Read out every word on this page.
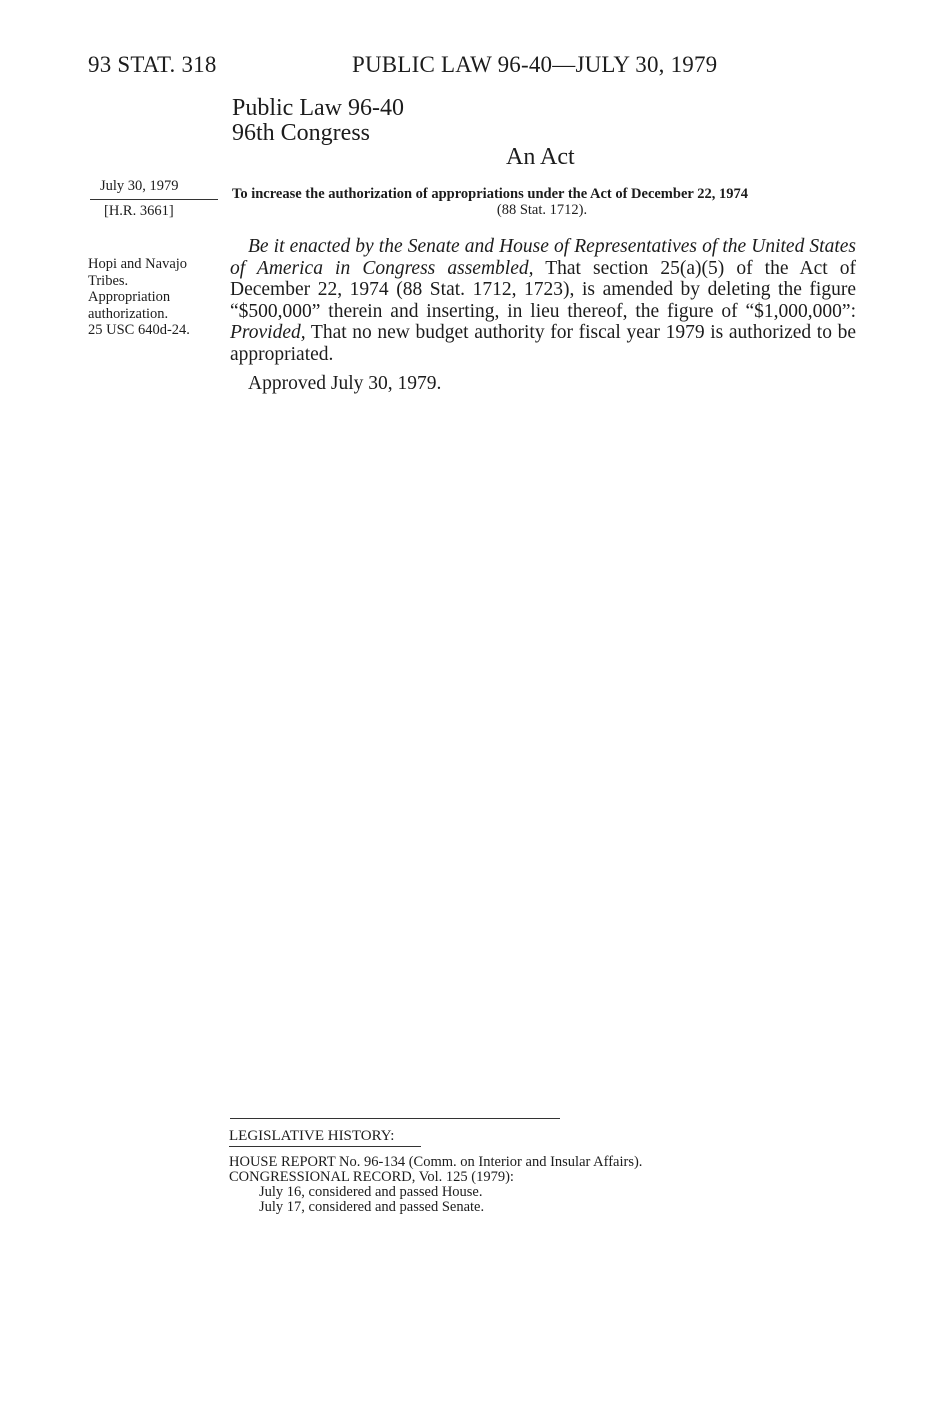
93 STAT. 318	PUBLIC LAW 96-40—JULY 30, 1979
Public Law 96-40
96th Congress
An Act
July 30, 1979
[H.R. 3661]
Hopi and Navajo
Tribes.
Appropriation
authorization.
25 USC 640d-24.
To increase the authorization of appropriations under the Act of December 22, 1974
(88 Stat. 1712).
Be it enacted by the Senate and House of Representatives of the United States of America in Congress assembled, That section 25(a)(5) of the Act of December 22, 1974 (88 Stat. 1712, 1723), is amended by deleting the figure “$500,000” therein and inserting, in lieu thereof, the figure of “$1,000,000”: Provided, That no new budget authority for fiscal year 1979 is authorized to be appropriated.
Approved July 30, 1979.
LEGISLATIVE HISTORY:
HOUSE REPORT No. 96-134 (Comm. on Interior and Insular Affairs).
CONGRESSIONAL RECORD, Vol. 125 (1979):
July 16, considered and passed House.
July 17, considered and passed Senate.
